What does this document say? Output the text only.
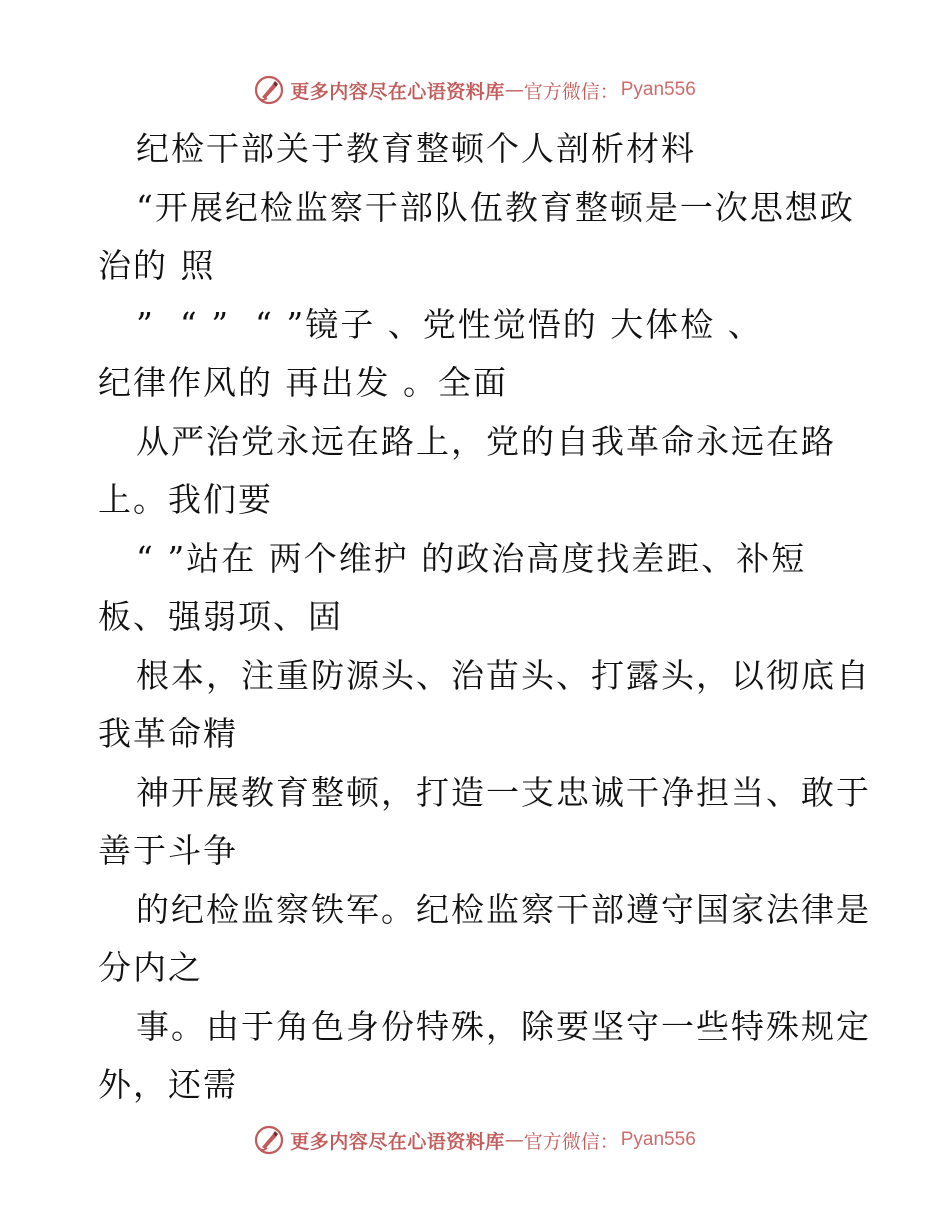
更多内容尽在心语资料库 — 官方微信： Pyan556
纪检干部关于教育整顿个人剖析材料
“开展纪检监察干部队伍教育整顿是一次思想政
治的 照
”  “ ”  “ ”镜子 、党性觉悟的 大体检 、
纪律作风的 再出发 。全面
从严治党永远在路上，党的自我革命永远在路
上。我们要
“ ”站在 两个维护 的政治高度找差距、补短
板、强弱项、固
根本，注重防源头、治苗头、打露头，以彻底自
我革命精
神开展教育整顿，打造一支忠诚干净担当、敢于
善于斗争
的纪检监察铁军。纪检监察干部遵守国家法律是
分内之
事。由于角色身份特殊，除要坚守一些特殊规定
外，还需
更多内容尽在心语资料库 — 官方微信： Pyan556
